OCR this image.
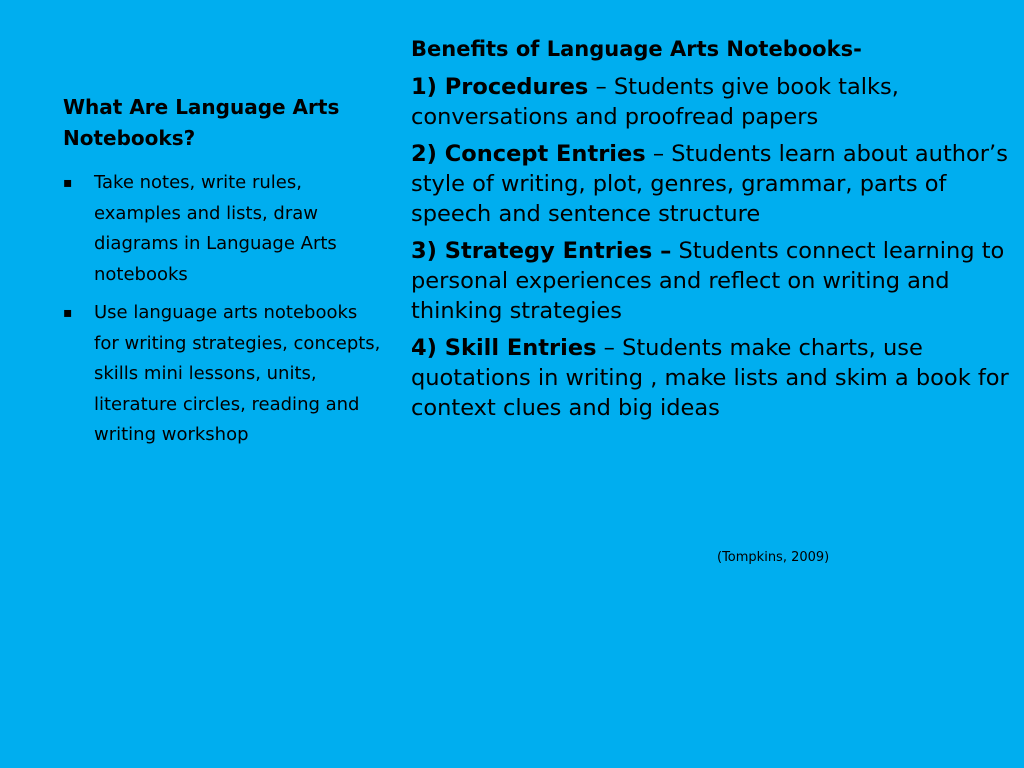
What Are Language Arts Notebooks?
▪ Take notes, write rules, examples and lists, draw diagrams in Language Arts notebooks
▪ Use language arts notebooks for writing strategies, concepts, skills mini lessons, units, literature circles, reading and writing workshop

Benefits of Language Arts Notebooks-

1) Procedures – Students give book talks, conversations and proofread papers

2) Concept Entries – Students learn about author’s style of writing, plot, genres, grammar, parts of speech and sentence structure

3) Strategy Entries – Students connect learning to personal experiences and reflect on writing and thinking strategies

4) Skill Entries – Students make charts, use quotations in writing , make lists and skim a book for context clues and big ideas

(Tompkins, 2009)
